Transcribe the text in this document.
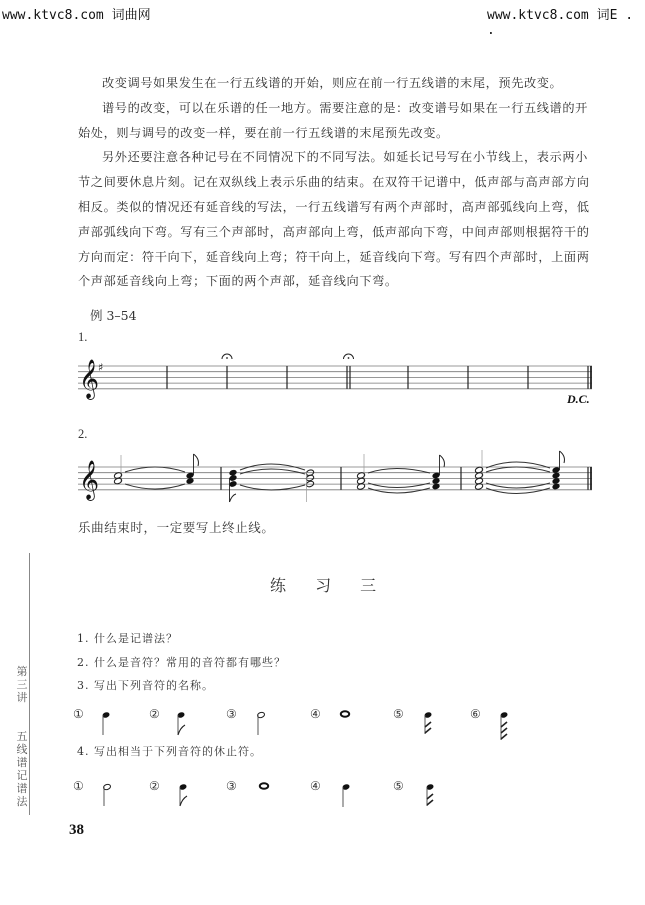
www.ktvc8.com 词曲网	www.ktvc8.com 词E . .

改变调号如果发生在一行五线谱的开始，则应在前一行五线谱的末尾，预先改变。

谱号的改变，可以在乐谱的任一地方。需要注意的是：改变谱号如果在一行五线谱的开始处，则与调号的改变一样，要在前一行五线谱的末尾预先改变。

另外还要注意各种记号在不同情况下的不同写法。如延长记号写在小节线上，表示两小节之间要休息片刻。记在双纵线上表示乐曲的结束。在双符干记谱中，低声部与高声部方向相反。类似的情况还有延音线的写法，一行五线谱写有两个声部时，高声部弧线向上弯，低声部弧线向下弯。写有三个声部时，高声部向上弯，低声部向下弯，中间声部则根据符干的方向而定：符干向下，延音线向上弯；符干向上，延音线向下弯。写有四个声部时，上面两个声部延音线向上弯；下面的两个声部，延音线向下弯。

例 3–54
1.
𝄞
♯
D.C.
2.
𝄞
乐曲结束时，一定要写上终止线。
练 习 三
1. 什么是记谱法？
2. 什么是音符？常用的音符都有哪些？
3. 写出下列音符的名称。
①	②	③	④	⑤	⑥
4. 写出相当于下列音符的休止符。
①	②	③	④	⑤
第三讲
五线谱记谱法
38
